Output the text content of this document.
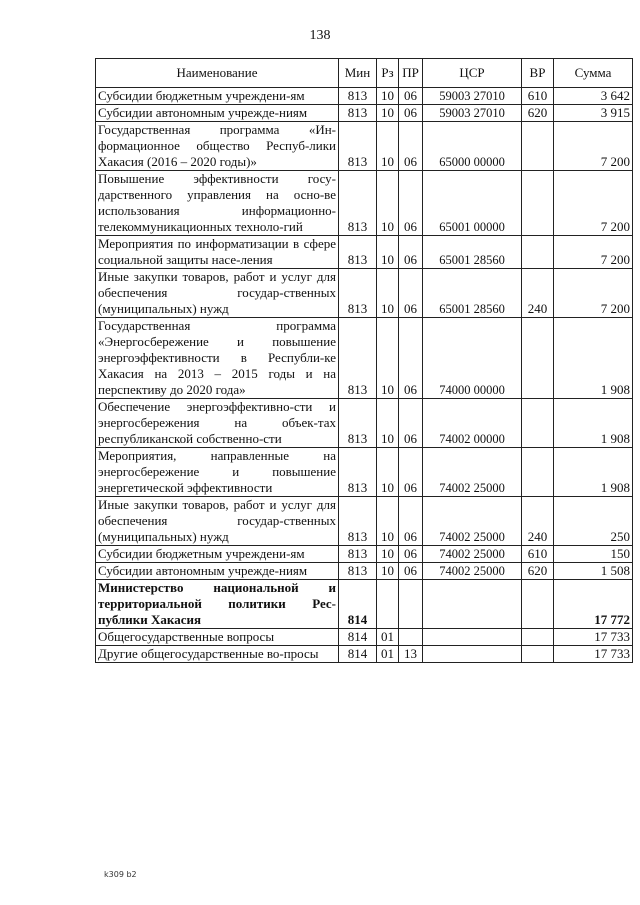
138
Наименование	Мин	Рз	ПР	ЦСР	ВР	Сумма
Субсидии бюджетным учреждени-ям	813	10	06	59003 27010	610	3 642
Субсидии автономным учрежде-ниям	813	10	06	59003 27010	620	3 915
Государственная программа «Ин-формационное общество Респуб-лики Хакасия (2016 – 2020 годы)»	813	10	06	65000 00000		7 200
Повышение эффективности госу-дарственного управления на осно-ве использования информационно-телекоммуникационных техноло-гий	813	10	06	65001 00000		7 200
Мероприятия по информатизации в сфере социальной защиты насе-ления	813	10	06	65001 28560		7 200
Иные закупки товаров, работ и услуг для обеспечения государ-ственных (муниципальных) нужд	813	10	06	65001 28560	240	7 200
Государственная программа «Энергосбережение и повышение энергоэффективности в Республи-ке Хакасия на 2013 – 2015 годы и на перспективу до 2020 года»	813	10	06	74000 00000		1 908
Обеспечение энергоэффективно-сти и энергосбережения на объек-тах республиканской собственно-сти	813	10	06	74002 00000		1 908
Мероприятия, направленные на энергосбережение и повышение энергетической эффективности	813	10	06	74002 25000		1 908
Иные закупки товаров, работ и услуг для обеспечения государ-ственных (муниципальных) нужд	813	10	06	74002 25000	240	250
Субсидии бюджетным учреждени-ям	813	10	06	74002 25000	610	150
Субсидии автономным учрежде-ниям	813	10	06	74002 25000	620	1 508
Министерство национальной и территориальной политики Рес-публики Хакасия	814					17 772
Общегосударственные вопросы	814	01				17 733
Другие общегосударственные во-просы	814	01	13			17 733
k309 b2
